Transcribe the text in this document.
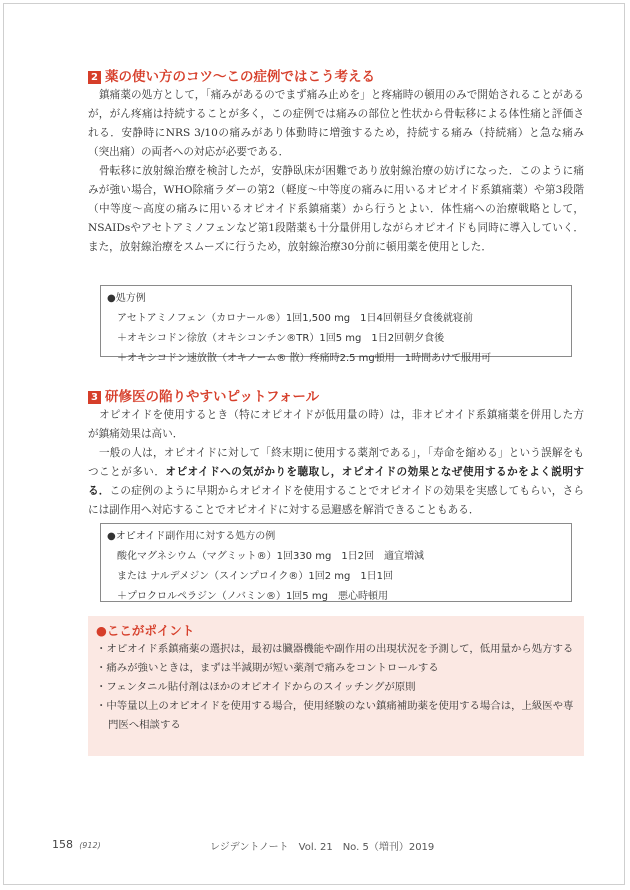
2 薬の使い方のコツ〜この症例ではこう考える

鎮痛薬の処方として，「痛みがあるのでまず痛み止めを」と疼痛時の頓用のみで開始されることがあるが，がん疼痛は持続することが多く，この症例では痛みの部位と性状から骨転移による体性痛と評価される．安静時にNRS 3/10の痛みがあり体動時に増強するため，持続する痛み（持続痛）と急な痛み（突出痛）の両者への対応が必要である．

骨転移に放射線治療を検討したが，安静臥床が困難であり放射線治療の妨げになった．このように痛みが強い場合，WHO除痛ラダーの第2（軽度〜中等度の痛みに用いるオピオイド系鎮痛薬）や第3段階（中等度〜高度の痛みに用いるオピオイド系鎮痛薬）から行うとよい．体性痛への治療戦略として，NSAIDsやアセトアミノフェンなど第1段階薬も十分量併用しながらオピオイドも同時に導入していく．また，放射線治療をスムーズに行うため，放射線治療30分前に頓用薬を使用とした．

●処方例
アセトアミノフェン（カロナール®）1回1,500 mg　1日4回朝昼夕食後就寝前
＋オキシコドン徐放（オキシコンチン®TR）1回5 mg　1日2回朝夕食後
＋オキシコドン速放散（オキノーム® 散）疼痛時2.5 mg頓用　1時間あけて服用可
3 研修医の陥りやすいピットフォール

オピオイドを使用するとき（特にオピオイドが低用量の時）は，非オピオイド系鎮痛薬を併用した方が鎮痛効果は高い．

一般の人は，オピオイドに対して「終末期に使用する薬剤である」，「寿命を縮める」という誤解をもつことが多い．オピオイドへの気がかりを聴取し，オピオイドの効果となぜ使用するかをよく説明する．この症例のように早期からオピオイドを使用することでオピオイドの効果を実感してもらい，さらには副作用へ対応することでオピオイドに対する忌避感を解消できることもある．

●オピオイド副作用に対する処方の例
酸化マグネシウム（マグミット®）1回330 mg　1日2回　適宜増減
または ナルデメジン（スインプロイク®）1回2 mg　1日1回
＋プロクロルペラジン（ノバミン®）1回5 mg　悪心時頓用
●ここがポイント
・オピオイド系鎮痛薬の選択は，最初は臓器機能や副作用の出現状況を予測して，低用量から処方する
・痛みが強いときは，まずは半減期が短い薬剤で痛みをコントロールする
・フェンタニル貼付剤はほかのオピオイドからのスイッチングが原則
・中等量以上のオピオイドを使用する場合，使用経験のない鎮痛補助薬を使用する場合は，上級医や専門医へ相談する
158 (912)	レジデントノート　Vol. 21　No. 5（増刊）2019
